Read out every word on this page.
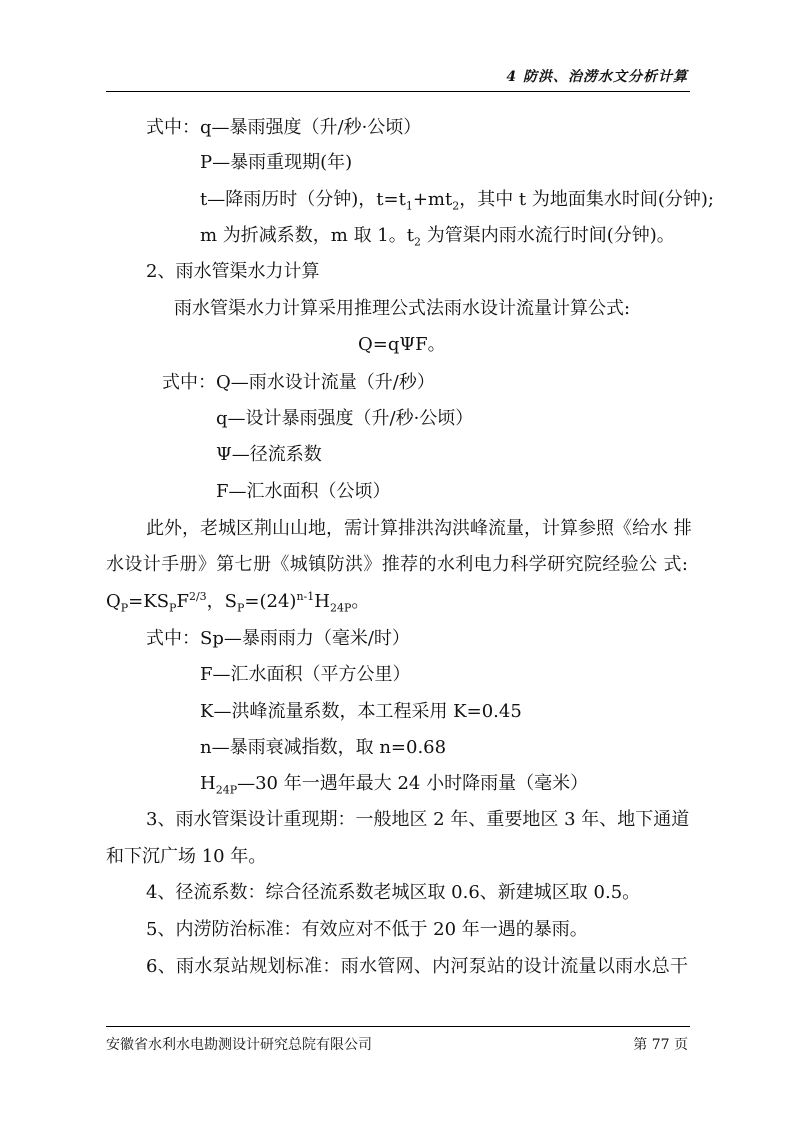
4 防洪、治涝水文分析计算
式中：q—暴雨强度（升/秒·公顷）
P—暴雨重现期(年)
t—降雨历时（分钟)，$t=t_1+mt_2$，其中 t 为地面集水时间(分钟);
m 为折减系数，m 取 1。$t_2$ 为管渠内雨水流行时间(分钟)。
2、雨水管渠水力计算
雨水管渠水力计算采用推理公式法雨水设计流量计算公式:
Q=qΨF。
式中：Q—雨水设计流量（升/秒）
q—设计暴雨强度（升/秒·公顷）
Ψ—径流系数
F—汇水面积（公顷）
此外，老城区荆山山地，需计算排洪沟洪峰流量，计算参照《给水 排
水设计手册》第七册《城镇防洪》推荐的水利电力科学研究院经验公 式:
$Q_P=KS_PF^{2/3}$，$S_P=(24)^{n-1}H_{24P}$。
式中：Sp—暴雨雨力（毫米/时）
F—汇水面积（平方公里）
K—洪峰流量系数，本工程采用 K=0.45
n—暴雨衰减指数，取 n=0.68
$H_{24P}—30$ 年一遇年最大 24 小时降雨量（毫米）
3、雨水管渠设计重现期：一般地区 2 年、重要地区 3 年、地下通道
和下沉广场 10 年。
4、径流系数：综合径流系数老城区取 0.6、新建城区取 0.5。
5、内涝防治标准：有效应对不低于 20 年一遇的暴雨。
6、雨水泵站规划标准：雨水管网、内河泵站的设计流量以雨水总干
安徽省水利水电勘测设计研究总院有限公司	第 77 页
